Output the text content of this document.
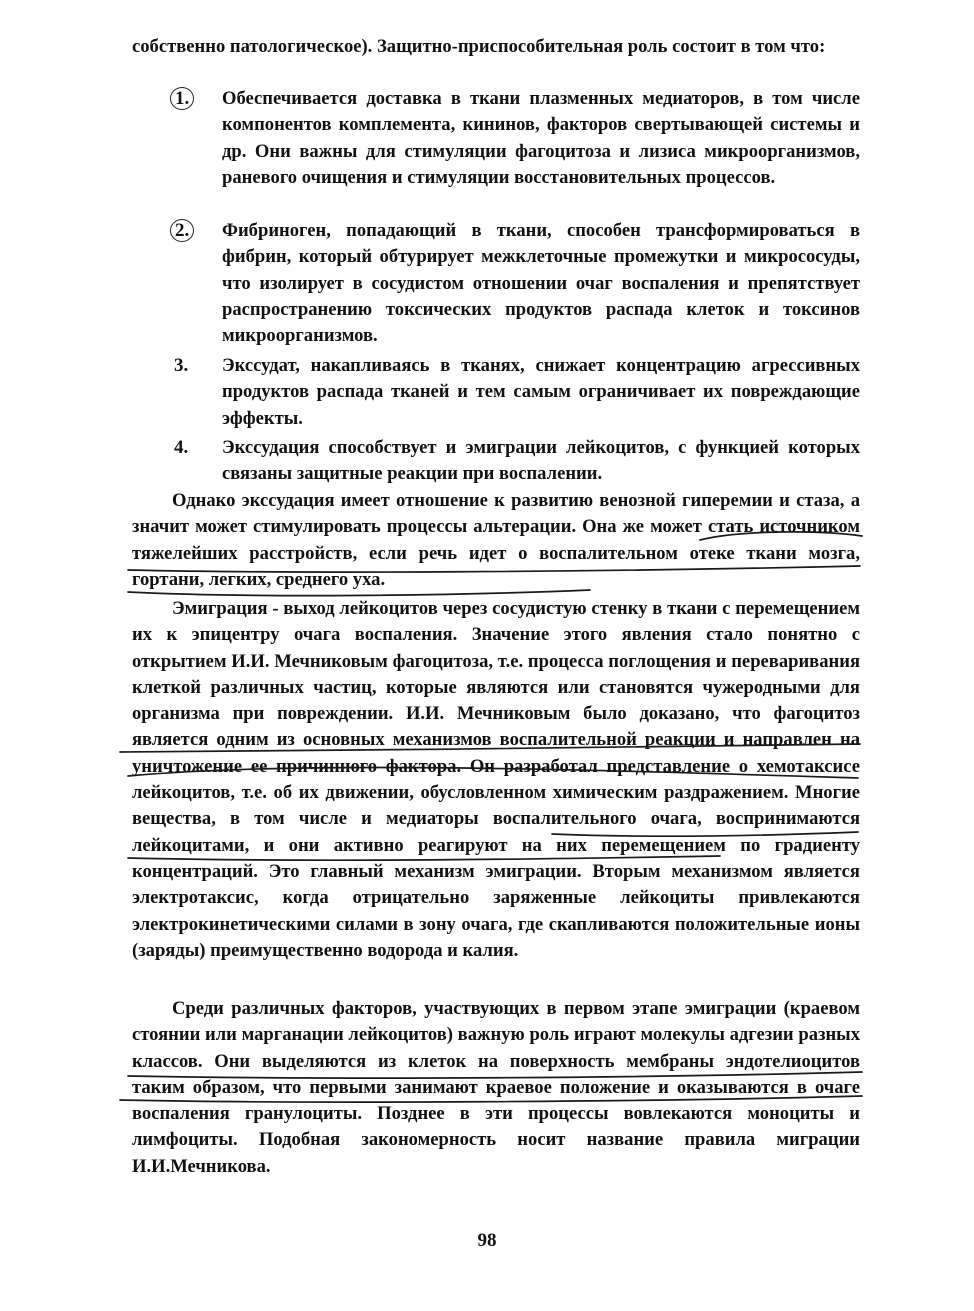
собственно патологическое). Защитно-приспособительная роль состоит в том что:

1.	Обеспечивается доставка в ткани плазменных медиаторов, в том числе компонентов комплемента, кининов, факторов свертывающей системы и др. Они важны для стимуляции фагоцитоза и лизиса микроорганизмов, раневого очищения и стимуляции восстановительных процессов.

2.	Фибриноген, попадающий в ткани, способен трансформироваться в фибрин, который обтурирует межклеточные промежутки и микрососуды, что изолирует в сосудистом отношении очаг воспаления и препятствует распространению токсических продуктов распада клеток и токсинов микроорганизмов.

3.	Экссудат, накапливаясь в тканях, снижает концентрацию агрессивных продуктов распада тканей и тем самым ограничивает их повреждающие эффекты.

4.	Экссудация способствует и эмиграции лейкоцитов, с функцией которых связаны защитные реакции при воспалении.

Однако экссудация имеет отношение к развитию венозной гиперемии и стаза, а значит может стимулировать процессы альтерации. Она же может стать источником тяжелейших расстройств, если речь идет о воспалительном отеке ткани мозга, гортани, легких, среднего уха.

Эмиграция - выход лейкоцитов через сосудистую стенку в ткани с перемещением их к эпицентру очага воспаления. Значение этого явления стало понятно с открытием И.И. Мечниковым фагоцитоза, т.е. процесса поглощения и переваривания клеткой различных частиц, которые являются или становятся чужеродными для организма при повреждении. И.И. Мечниковым было доказано, что фагоцитоз является одним из основных механизмов воспалительной реакции и направлен на уничтожение ее причинного фактора. Он разработал представление о хемотаксисе лейкоцитов, т.е. об их движении, обусловленном химическим раздражением. Многие вещества, в том числе и медиаторы воспалительного очага, воспринимаются лейкоцитами, и они активно реагируют на них перемещением по градиенту концентраций. Это главный механизм эмиграции. Вторым механизмом является электротаксис, когда отрицательно заряженные лейкоциты привлекаются электрокинетическими силами в зону очага, где скапливаются положительные ионы (заряды) преимущественно водорода и калия.

Среди различных факторов, участвующих в первом этапе эмиграции (краевом стоянии или марганации лейкоцитов) важную роль играют молекулы адгезии разных классов. Они выделяются из клеток на поверхность мембраны эндотелиоцитов таким образом, что первыми занимают краевое положение и оказываются в очаге воспаления гранулоциты. Позднее в эти процессы вовлекаются моноциты и лимфоциты. Подобная закономерность носит название правила миграции И.И.Мечникова.

98
